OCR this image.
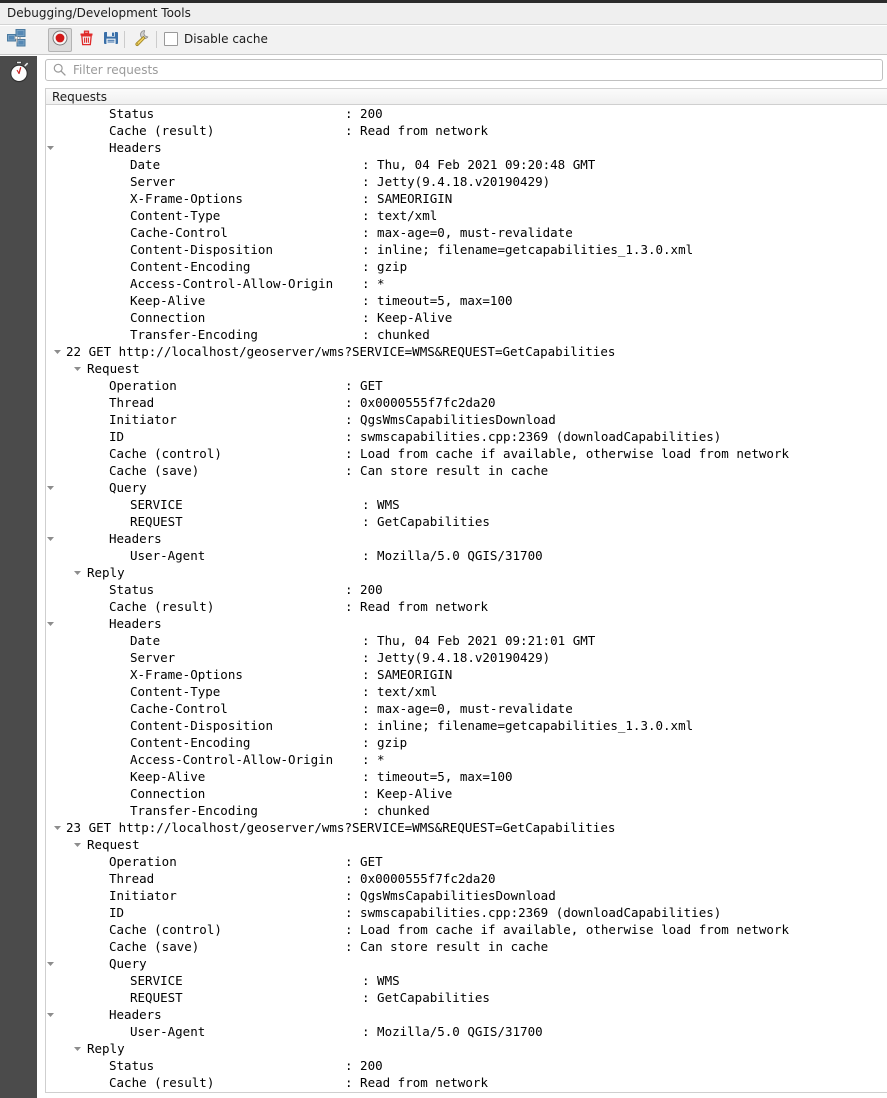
Debugging/Development Tools
Disable cache
Filter requests
Requests
Status	: 200
Cache (result)	: Read from network
Headers
Date	: Thu, 04 Feb 2021 09:20:48 GMT
Server	: Jetty(9.4.18.v20190429)
X-Frame-Options	: SAMEORIGIN
Content-Type	: text/xml
Cache-Control	: max-age=0, must-revalidate
Content-Disposition	: inline; filename=getcapabilities_1.3.0.xml
Content-Encoding	: gzip
Access-Control-Allow-Origin : *
Keep-Alive	: timeout=5, max=100
Connection	: Keep-Alive
Transfer-Encoding	: chunked
22 GET http://localhost/geoserver/wms?SERVICE=WMS&REQUEST=GetCapabilities
Request
Operation	: GET
Thread	: 0x0000555f7fc2da20
Initiator	: QgsWmsCapabilitiesDownload
ID	: swmscapabilities.cpp:2369 (downloadCapabilities)
Cache (control)	: Load from cache if available, otherwise load from network
Cache (save)	: Can store result in cache
Query
SERVICE	: WMS
REQUEST	: GetCapabilities
Headers
User-Agent	: Mozilla/5.0 QGIS/31700
Reply
Status	: 200
Cache (result)	: Read from network
Headers
Date	: Thu, 04 Feb 2021 09:21:01 GMT
Server	: Jetty(9.4.18.v20190429)
X-Frame-Options	: SAMEORIGIN
Content-Type	: text/xml
Cache-Control	: max-age=0, must-revalidate
Content-Disposition	: inline; filename=getcapabilities_1.3.0.xml
Content-Encoding	: gzip
Access-Control-Allow-Origin : *
Keep-Alive	: timeout=5, max=100
Connection	: Keep-Alive
Transfer-Encoding	: chunked
23 GET http://localhost/geoserver/wms?SERVICE=WMS&REQUEST=GetCapabilities
Request
Operation	: GET
Thread	: 0x0000555f7fc2da20
Initiator	: QgsWmsCapabilitiesDownload
ID	: swmscapabilities.cpp:2369 (downloadCapabilities)
Cache (control)	: Load from cache if available, otherwise load from network
Cache (save)	: Can store result in cache
Query
SERVICE	: WMS
REQUEST	: GetCapabilities
Headers
User-Agent	: Mozilla/5.0 QGIS/31700
Reply
Status	: 200
Cache (result)	: Read from network
